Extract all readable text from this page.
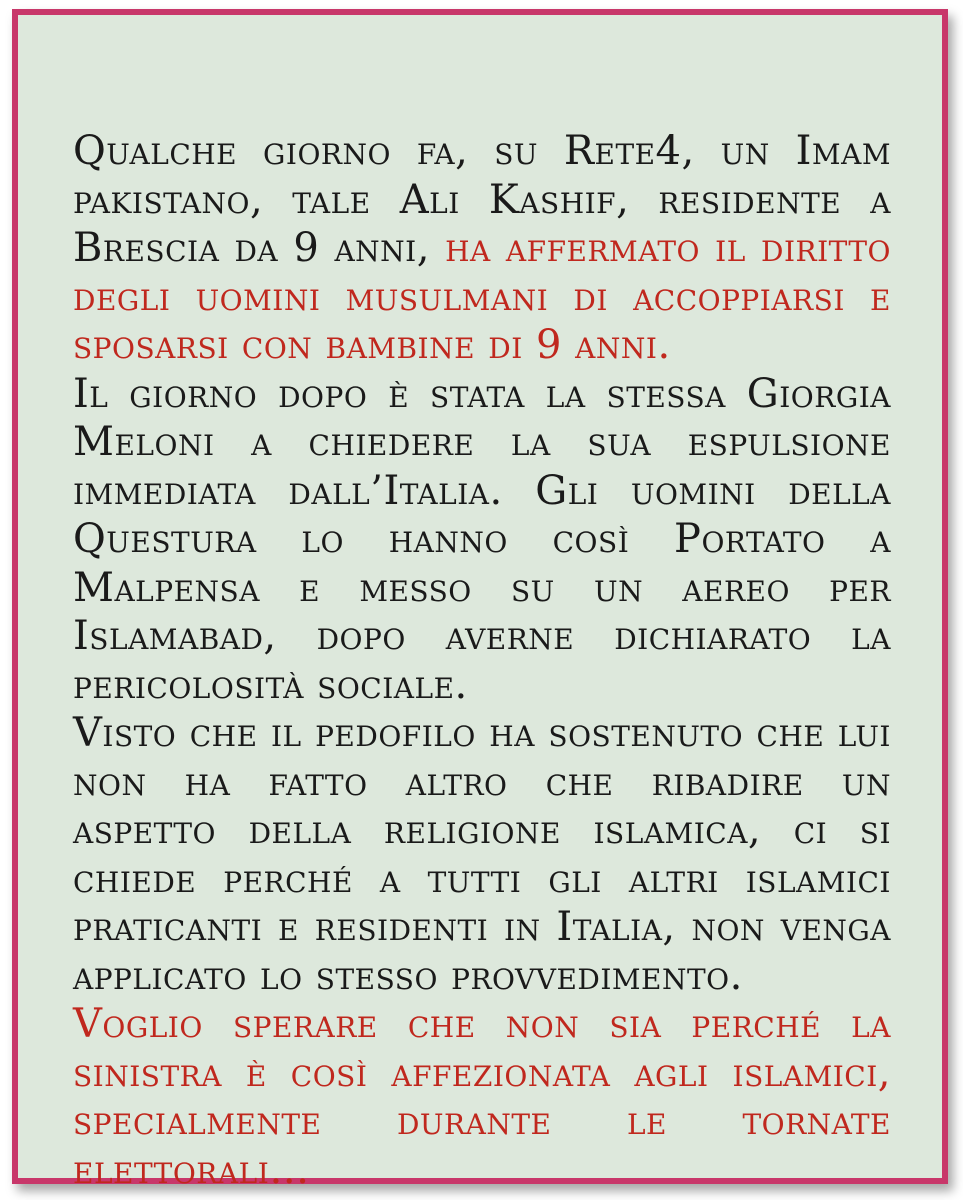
Qualche giorno fa, su Rete4, un Imam pakistano, tale Ali Kashif, residente a Brescia da 9 anni, ha affermato il diritto degli uomini musulmani di accoppiarsi e sposarsi con bambine di 9 anni.

Il giorno dopo è stata la stessa Giorgia Meloni a chiedere la sua espulsione immediata dall’Italia. Gli uomini della Questura lo hanno così Portato a Malpensa e messo su un aereo per Islamabad, dopo averne dichiarato la pericolosità sociale.

Visto che il pedofilo ha sostenuto che lui non ha fatto altro che ribadire un aspetto della religione islamica, ci si chiede perché a tutti gli altri islamici praticanti e residenti in Italia, non venga applicato lo stesso provvedimento.

Voglio sperare che non sia perché la sinistra è così affezionata agli islamici, specialmente durante le tornate elettorali…
